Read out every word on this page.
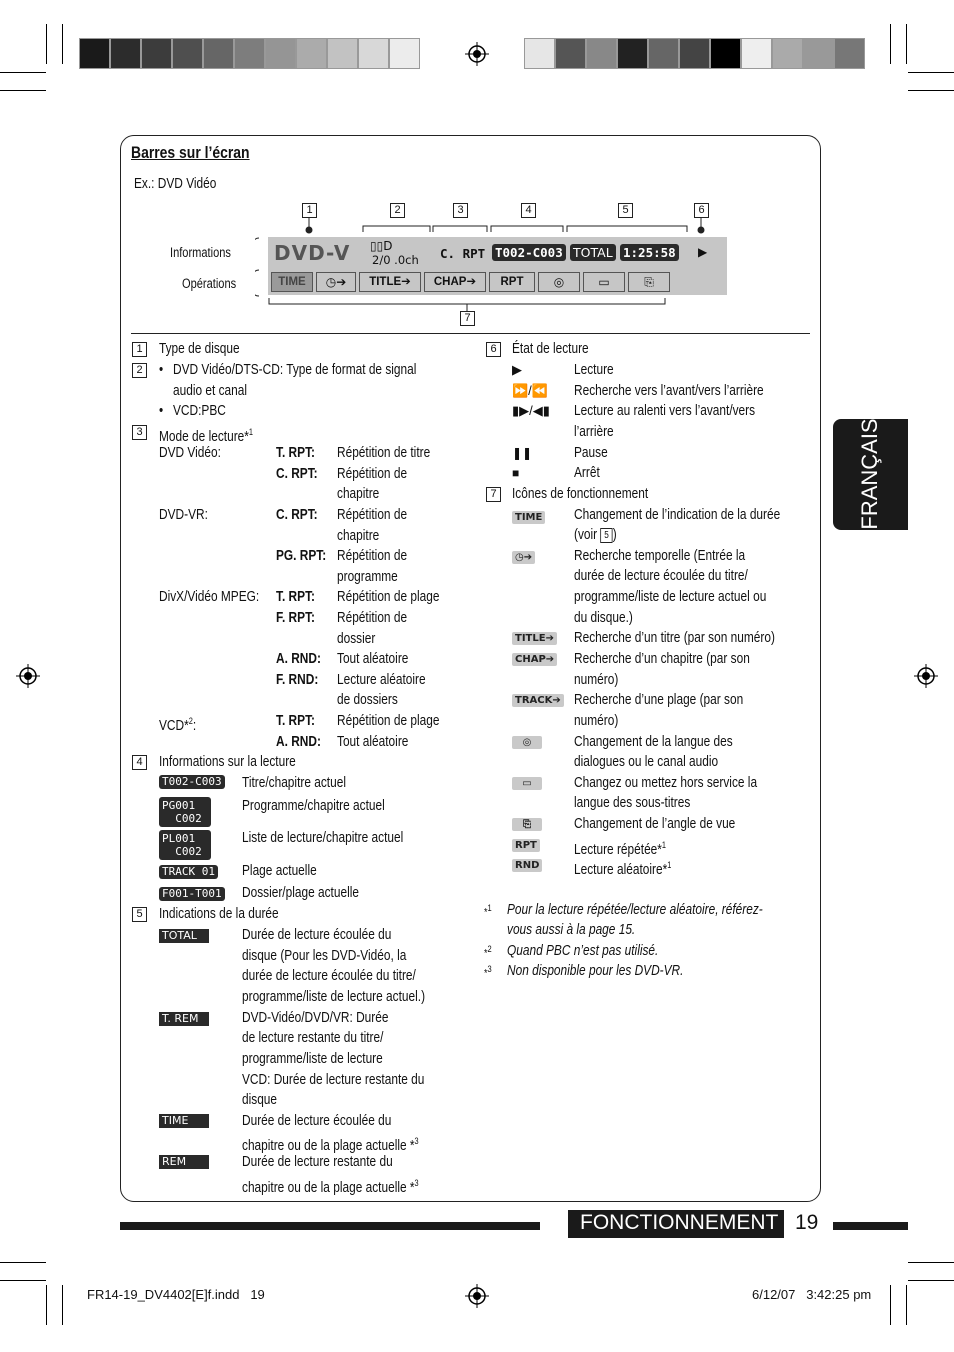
Barres sur l’écran
Ex.: DVD Vidéo
1	2	3	4	5	6
7
Informations
Opérations
DVD-V ▯▯D
2/0 .0ch C. RPT T002-C003 TOTAL 1:25:58 ▶
TIME	◷➔	TITLE➔	CHAP➔	RPT	◎	▭	⎘
1	Type de disque
2	• DVD Vidéo/DTS-CD: Type de format de signal
audio et canal
• VCD:PBC
3	Mode de lecture*$^1$
DVD Vidéo:	T. RPT: Répétition de titre
C. RPT: Répétition de
chapitre
DVD-VR:	C. RPT: Répétition de
chapitre
PG. RPT: Répétition de
programme
DivX/Vidéo MPEG: T. RPT: Répétition de plage
F. RPT: Répétition de
dossier
A. RND: Tout aléatoire
F. RND: Lecture aléatoire
de dossiers
VCD*$^2$:	T. RPT: Répétition de plage
A. RND: Tout aléatoire
4	Informations sur la lecture
T002-C003 Titre/chapitre actuel
PG001
C002
Programme/chapitre actuel
PL001
C002
Liste de lecture/chapitre actuel
TRACK 01 Plage actuelle
F001-T001 Dossier/plage actuelle
5	Indications de la durée
TOTAL	Durée de lecture écoulée du
disque (Pour les DVD-Vidéo, la
durée de lecture écoulée du titre/
programme/liste de lecture actuel.)
T. REM	DVD-Vidéo/DVD/VR: Durée
de lecture restante du titre/
programme/liste de lecture
VCD: Durée de lecture restante du
disque
TIME	Durée de lecture écoulée du
chapitre ou de la plage actuelle *$^3$
REM	Durée de lecture restante du
chapitre ou de la plage actuelle *$^3$
6	État de lecture
▶	Lecture
⏩/⏪ Recherche vers l’avant/vers l’arrière
▮▶/◀▮ Lecture au ralenti vers l’avant/vers
l’arrière
❚❚	Pause
■	Arrêt
7	Icônes de fonctionnement
TIME Changement de l’indication de la durée
(voir 5 )
◷➔	Recherche temporelle (Entrée la
durée de lecture écoulée du titre/
programme/liste de lecture actuel ou
du disque.)
TITLE➔ Recherche d’un titre (par son numéro)
CHAP➔ Recherche d’un chapitre (par son
numéro)
TRACK➔ Recherche d’une plage (par son
numéro)
◎	Changement de la langue des
dialogues ou le canal audio
▭	Changez ou mettez hors service la
langue des sous-titres
⎘	Changement de l’angle de vue
RPT	Lecture répétée*$^1$
RND Lecture aléatoire*$^1$
*$^1$ Pour la lecture répétée/lecture aléatoire, référez-
vous aussi à la page 15.
*$^2$ Quand PBC n’est pas utilisé.
*$^3$ Non disponible pour les DVD-VR.
FRANÇAIS
FONCTIONNEMENT 19
FR14-19_DV4402[E]f.indd   19	6/12/07   3:42:25 pm
